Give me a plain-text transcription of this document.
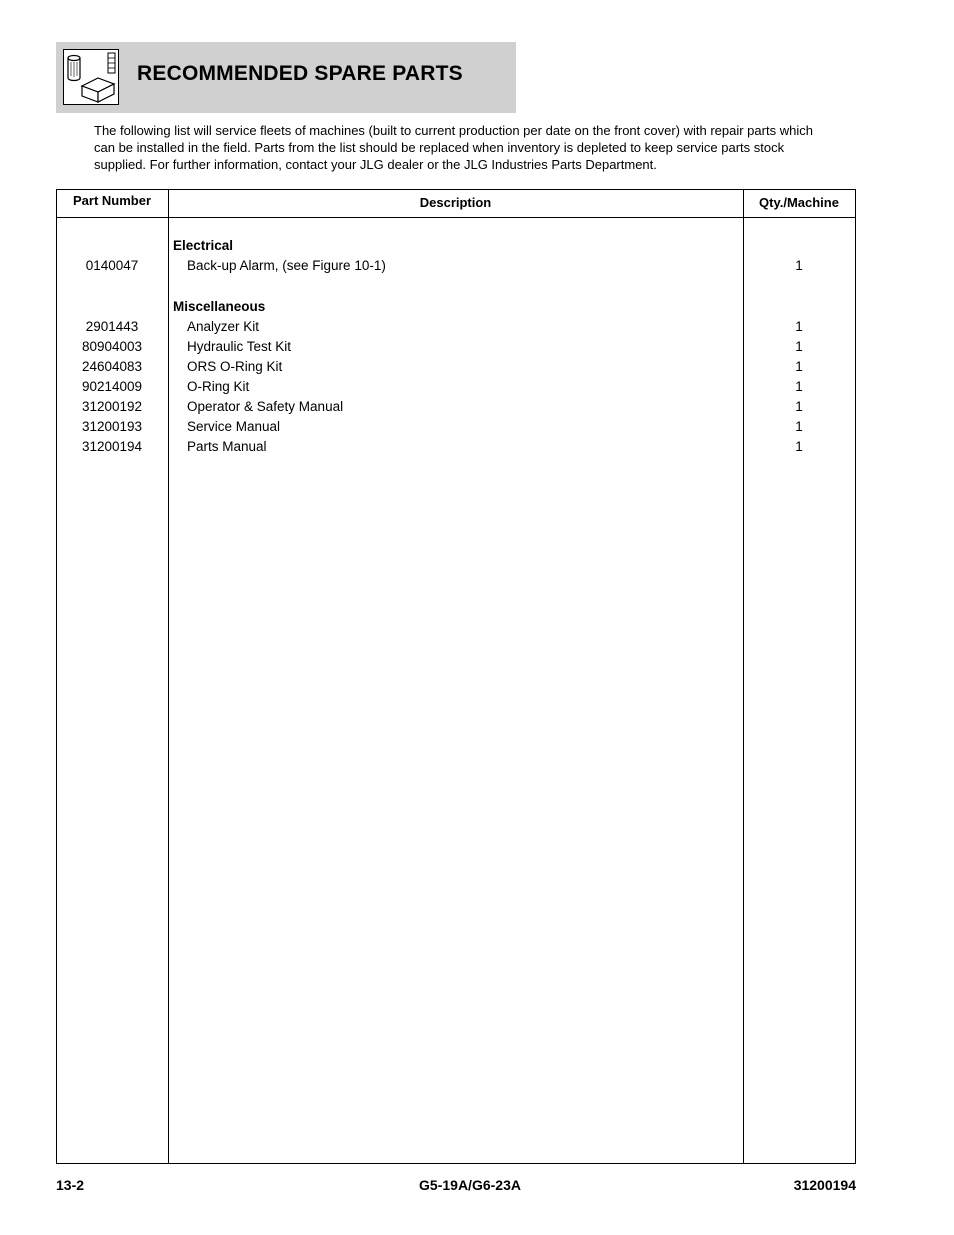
RECOMMENDED SPARE PARTS
The following list will service fleets of machines (built to current production per date on the front cover) with repair parts which can be installed in the field. Parts from the list should be replaced when inventory is depleted to keep service parts stock supplied. For further information, contact your JLG dealer or the JLG Industries Parts Department.
Part Number	Description	Qty./Machine
Electrical
0140047	Back-up Alarm, (see Figure 10-1)	1
Miscellaneous
2901443	Analyzer Kit	1
80904003	Hydraulic Test Kit	1
24604083	ORS O-Ring Kit	1
90214009	O-Ring Kit	1
31200192	Operator & Safety Manual	1
31200193	Service Manual	1
31200194	Parts Manual	1
13-2	G5-19A/G6-23A	31200194
